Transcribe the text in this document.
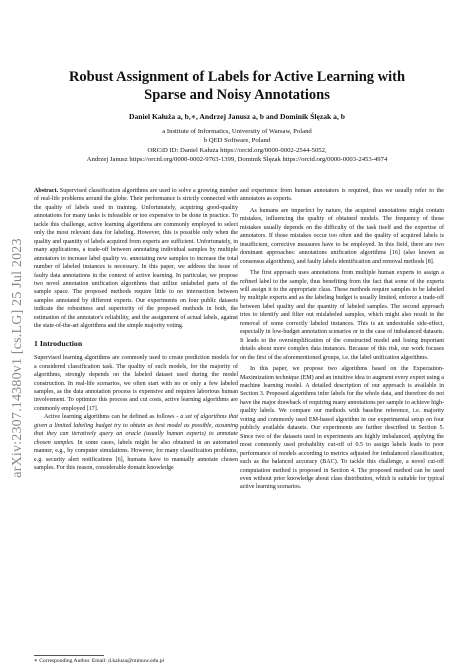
arXiv:2307.14380v1 [cs.LG] 25 Jul 2023
Robust Assignment of Labels for Active Learning with
Sparse and Noisy Annotations
Daniel Kałuża a, b,∗, Andrzej Janusz a, b and Dominik Ślęzak a, b
a Institute of Informatics, University of Warsaw, Poland
b QED Software, Poland
ORCiD ID: Daniel Kałuża https://orcid.org/0000-0002-2544-5052,
Andrzej Janusz https://orcid.org/0000-0002-9763-1399, Dominik Ślęzak https://orcid.org/0000-0003-2453-4974

Abstract. Supervised classification algorithms are used to solve a growing number of real-life problems around the globe. Their performance is strictly connected with the quality of labels used in training. Unfortunately, acquiring good-quality annotations for many tasks is infeasible or too expensive to be done in practice. To tackle this challenge, active learning algorithms are commonly employed to select only the most relevant data for labeling. However, this is possible only when the quality and quantity of labels acquired from experts are sufficient. Unfortunately, in many applications, a trade-off between annotating individual samples by multiple annotators to increase label quality vs. annotating new samples to increase the total number of labeled instances is necessary. In this paper, we address the issue of faulty data annotations in the context of active learning. In particular, we propose two novel annotation unification algorithms that utilize unlabeled parts of the sample space. The proposed methods require little to no intersection between samples annotated by different experts. Our experiments on four public datasets indicate the robustness and superiority of the proposed methods in both, the estimation of the annotator's reliability, and the assignment of actual labels, against the state-of-the-art algorithms and the simple majority voting.

1 Introduction

Supervised learning algorithms are commonly used to create prediction models for a considered classification task. The quality of such models, for the majority of algorithms, strongly depends on the labeled dataset used during the model construction. In real-life scenarios, we often start with no or only a few labeled samples, as the data annotation process is expensive and requires laborious human involvement. To optimize this process and cut costs, active learning algorithms are commonly employed [17].

Active learning algorithms can be defined as follows - a set of algorithms that given a limited labeling budget try to obtain as best model as possible, assuming that they can iteratively query an oracle (usually human experts) to annotate chosen samples. In some cases, labels might be also obtained in an automated manner, e.g., by computer simulations. However, for many classification problems, e.g. security alert notifications [6], humans have to manually annotate chosen samples. For this reason, considerable domain knowledge

and experience from human annotators is required, thus we usually refer to the annotators as experts.

As humans are imperfect by nature, the acquired annotations might contain mistakes, influencing the quality of obtained models. The frequency of those mistakes usually depends on the difficulty of the task itself and the expertise of annotators. If those mistakes occur too often and the quality of acquired labels is insufficient, corrective measures have to be employed. In this field, there are two dominant approaches: annotations unification algorithms [16] (also known as consensus algorithms), and faulty labels identification and removal methods [8].

The first approach uses annotations from multiple human experts to assign a refined label to the sample, thus benefiting from the fact that some of the experts will assign it to the appropriate class. These methods require samples to be labeled by multiple experts and as the labeling budget is usually limited, enforce a trade-off between label quality and the quantity of labeled samples. The second approach tries to identify and filter out mislabeled samples, which might also result in the removal of some correctly labeled instances. This is an undesirable side-effect, especially in low-budget annotation scenarios or in the case of imbalanced datasets. It leads to the oversimplification of the constructed model and losing important details about more complex data instances. Because of this risk, our work focuses on the first of the aforementioned groups, i.e. the label unification algorithms.

In this paper, we propose two algorithms based on the Expectation-Maximization technique (EM) and an intuitive idea to augment every expert using a machine learning model. A detailed description of our approach is available in Section 3. Proposed algorithms infer labels for the whole data, and therefore do not have the major drawback of requiring many annotations per sample to achieve high-quality labels. We compare our methods with baseline reference, i.e. majority voting and commonly used EM-based algorithm in our experimental setup on four publicly available datasets. Our experiments are further described in Section 5. Since two of the datasets used in experiments are highly imbalanced, applying the most commonly used probability cut-off of 0.5 to assign labels leads to poor performance of models according to metrics adjusted for imbalanced classification, such as the balanced accuracy (BAC). To tackle this challenge, a novel cut-off computation method is proposed in Section 4. The proposed method can be used even without prior knowledge about class distribution, which is suitable for typical active learning scenarios.

∗ Corresponding Author. Email: d.kaluza@mimuw.edu.pl
